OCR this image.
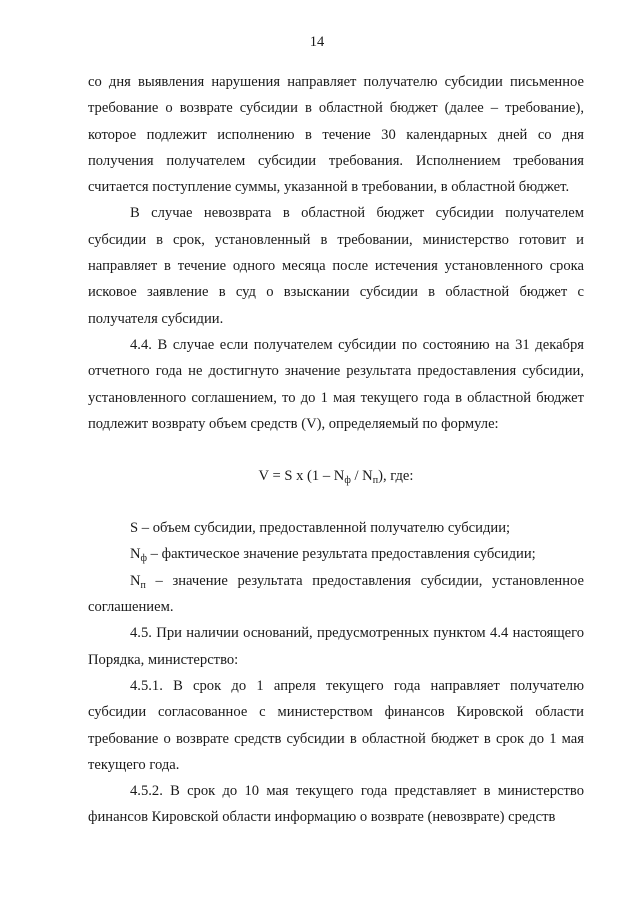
14

со дня выявления нарушения направляет получателю субсидии письменное требование о возврате субсидии в областной бюджет (далее – требование), которое подлежит исполнению в течение 30 календарных дней со дня получения получателем субсидии требования. Исполнением требования считается поступление суммы, указанной в требовании, в областной бюджет.

В случае невозврата в областной бюджет субсидии получателем субсидии в срок, установленный в требовании, министерство готовит и направляет в течение одного месяца после истечения установленного срока исковое заявление в суд о взыскании субсидии в областной бюджет с получателя субсидии.

4.4. В случае если получателем субсидии по состоянию на 31 декабря отчетного года не достигнуто значение результата предоставления субсидии, установленного соглашением, то до 1 мая текущего года в областной бюджет подлежит возврату объем средств (V), определяемый по формуле:

V = S x $(1 - N_ф / N_п)$, где:

S – объем субсидии, предоставленной получателю субсидии;

$N_ф$ – фактическое значение результата предоставления субсидии;

$N_п$ – значение результата предоставления субсидии, установленное соглашением.

4.5. При наличии оснований, предусмотренных пунктом 4.4 настоящего Порядка, министерство:

4.5.1. В срок до 1 апреля текущего года направляет получателю субсидии согласованное с министерством финансов Кировской области требование о возврате средств субсидии в областной бюджет в срок до 1 мая текущего года.

4.5.2. В срок до 10 мая текущего года представляет в министерство финансов Кировской области информацию о возврате (невозврате) средств
